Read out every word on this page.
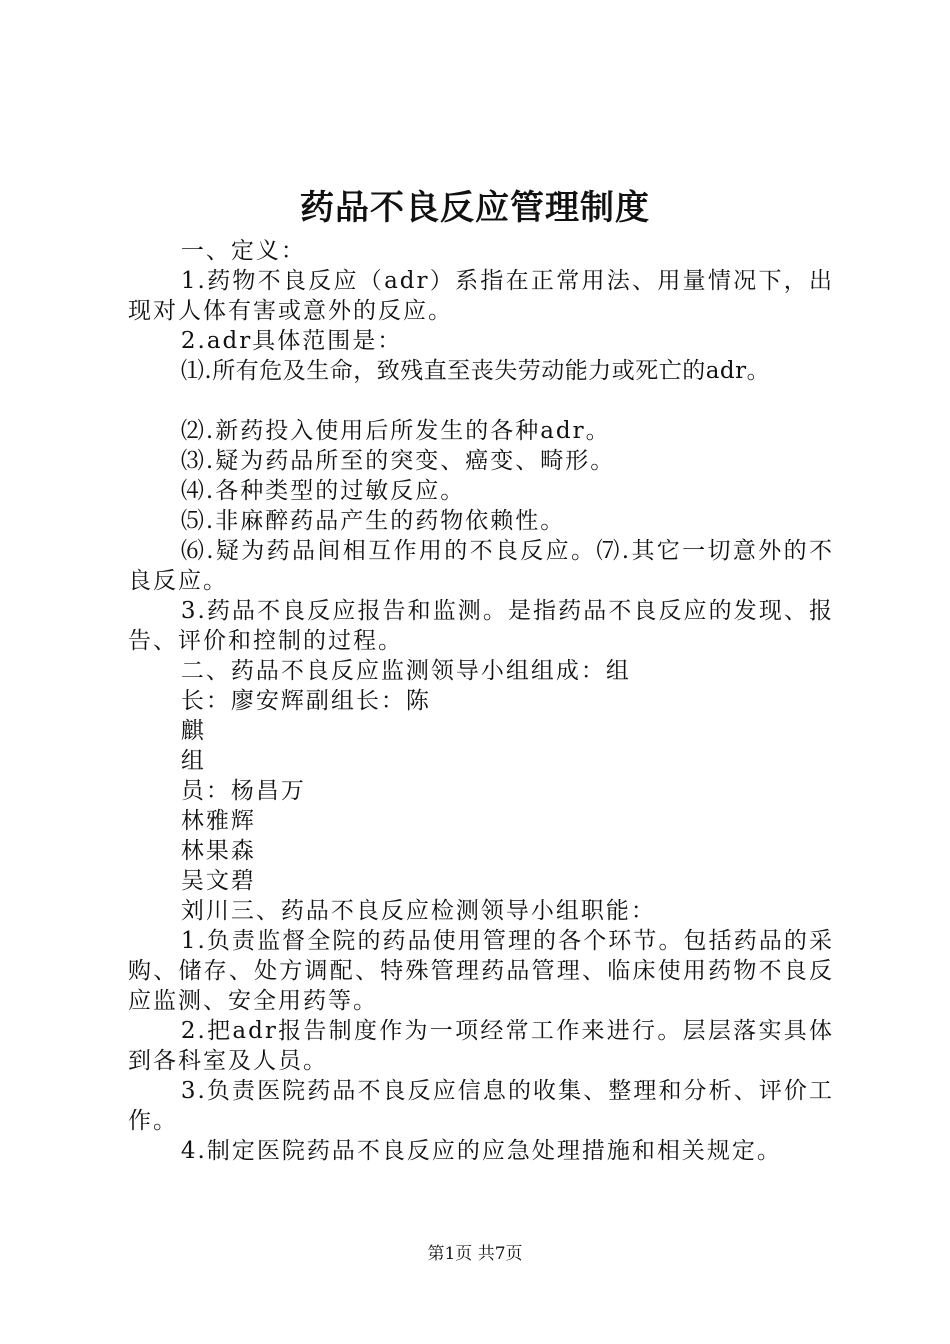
药品不良反应管理制度

一、定义：

1.药物不良反应（adr）系指在正常用法、用量情况下，出现对人体有害或意外的反应。

2.adr具体范围是：

⑴.所有危及生命，致残直至丧失劳动能力或死亡的adr。

⑵.新药投入使用后所发生的各种adr。

⑶.疑为药品所至的突变、癌变、畸形。

⑷.各种类型的过敏反应。

⑸.非麻醉药品产生的药物依赖性。

⑹.疑为药品间相互作用的不良反应。⑺.其它一切意外的不良反应。

3.药品不良反应报告和监测。是指药品不良反应的发现、报告、评价和控制的过程。

二、药品不良反应监测领导小组组成：组

长：廖安辉副组长：陈

麒

组

员：杨昌万

林雅辉

林果森

吴文碧

刘川三、药品不良反应检测领导小组职能：

1.负责监督全院的药品使用管理的各个环节。包括药品的采购、储存、处方调配、特殊管理药品管理、临床使用药物不良反应监测、安全用药等。

2.把adr报告制度作为一项经常工作来进行。层层落实具体到各科室及人员。

3.负责医院药品不良反应信息的收集、整理和分析、评价工作。

4.制定医院药品不良反应的应急处理措施和相关规定。

第1页 共7页
